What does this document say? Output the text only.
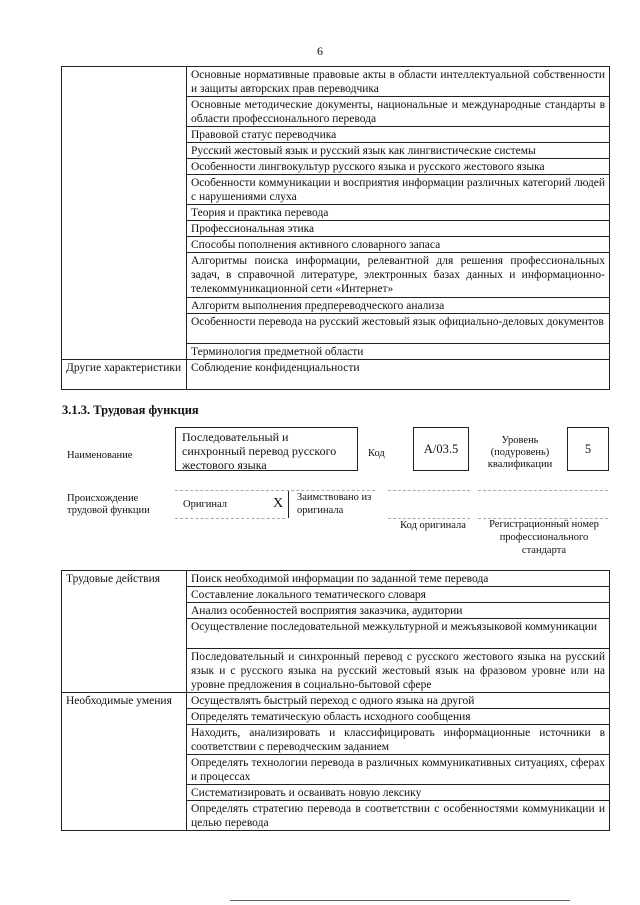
6
	Основные нормативные правовые акты в области интеллектуальной собственности и защиты авторских прав переводчика
	Основные методические документы, национальные и международные стандарты в области профессионального перевода
	Правовой статус переводчика
	Русский жестовый язык и русский язык как лингвистические системы
	Особенности лингвокультур русского языка и русского жестового языка
	Особенности коммуникации и восприятия информации различных категорий людей с нарушениями слуха
	Теория и практика перевода
	Профессиональная этика
	Способы пополнения активного словарного запаса
	Алгоритмы поиска информации, релевантной для решения профессиональных задач, в справочной литературе, электронных базах данных и информационно-телекоммуникационной сети «Интернет»
	Алгоритм выполнения предпереводческого анализа
	Особенности перевода на русский жестовый язык официально-деловых документов
	Терминология предметной области
Другие характеристики	Соблюдение конфиденциальности
3.1.3. Трудовая функция
Наименование
Последовательный и синхронный перевод русского жестового языка
Код	A/03.5
Уровень (подуровень) квалификации
5
Происхождение трудовой функции
Оригинал	X Заимствовано из оригинала
Код оригинала	Регистрационный номер профессионального стандарта
Трудовые действия	Поиск необходимой информации по заданной теме перевода
	Составление локального тематического словаря
	Анализ особенностей восприятия заказчика, аудитории
	Осуществление последовательной межкультурной и межъязыковой коммуникации
	Последовательный и синхронный перевод с русского жестового языка на русский язык и с русского языка на русский жестовый язык на фразовом уровне или на уровне предложения в социально-бытовой сфере
Необходимые умения	Осуществлять быстрый переход с одного языка на другой
	Определять тематическую область исходного сообщения
	Находить, анализировать и классифицировать информационные источники в соответствии с переводческим заданием
	Определять технологии перевода в различных коммуникативных ситуациях, сферах и процессах
	Систематизировать и осваивать новую лексику
	Определять стратегию перевода в соответствии с особенностями коммуникации и целью перевода
